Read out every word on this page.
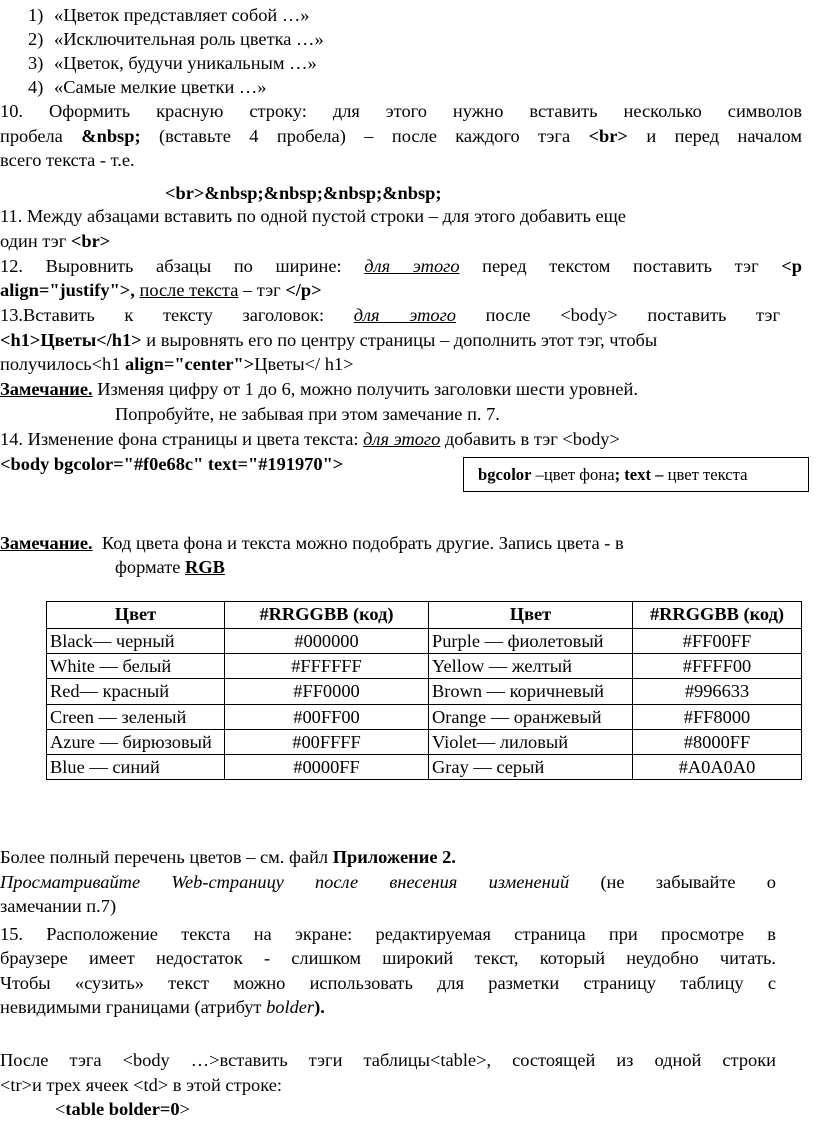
1) «Цветок представляет собой …»
2) «Исключительная роль цветка …»
3) «Цветок, будучи уникальным …»
4) «Самые мелкие цветки …»
10. Оформить красную строку: для этого нужно вставить несколько символов
пробела &nbsp; (вставьте 4 пробела) – после каждого тэга <br> и перед началом
всего текста - т.е.
<br>&nbsp;&nbsp;&nbsp;&nbsp;
11. Между абзацами вставить по одной пустой строки – для этого добавить еще
один тэг <br>
12. Выровнить абзацы по ширине: для этого перед текстом поставить тэг <p
align="justify">, после текста – тэг </p>
13.Вставить к тексту заголовок: для этого после <body> поставить тэг
<h1>Цветы</h1> и выровнять его по центру страницы – дополнить этот тэг, чтобы
получилось<h1 align="center">Цветы</ h1>
Замечание. Изменяя цифру от 1 до 6, можно получить заголовки шести уровней.
Попробуйте, не забывая при этом замечание п. 7.
14. Изменение фона страницы и цвета текста: для этого добавить в тэг <body>
<body bgcolor="#f0e68c" text="#191970">
bgcolor –цвет фона; text – цвет текста
Замечание. Код цвета фона и текста можно подобрать другие. Запись цвета - в
формате RGB
Цвет	#RRGGBB (код)	Цвет	#RRGGBB (код)
Black— черный	#000000	Purple — фиолетовый	#FF00FF
White — белый	#FFFFFF	Yellow — желтый	#FFFF00
Red— красный	#FF0000	Brown — коричневый	#996633
Creen — зеленый	#00FF00	Orange — оранжевый	#FF8000
Azure — бирюзовый	#00FFFF	Violet— лиловый	#8000FF
Blue — синий	#0000FF	Gray — серый	#A0A0A0
Более полный перечень цветов – см. файл Приложение 2.
Просматривайте Web-страницу после внесения изменений (не забывайте о
замечании п.7)
15. Расположение текста на экране: редактируемая страница при просмотре в
браузере имеет недостаток - слишком широкий текст, который неудобно читать.
Чтобы «сузить» текст можно использовать для разметки страницу таблицу с
невидимыми границами (атрибут bolder).
После тэга <body …>вставить тэги таблицы<table>, состоящей из одной строки
<tr>и трех ячеек <td> в этой строке:
<table bolder=0>
